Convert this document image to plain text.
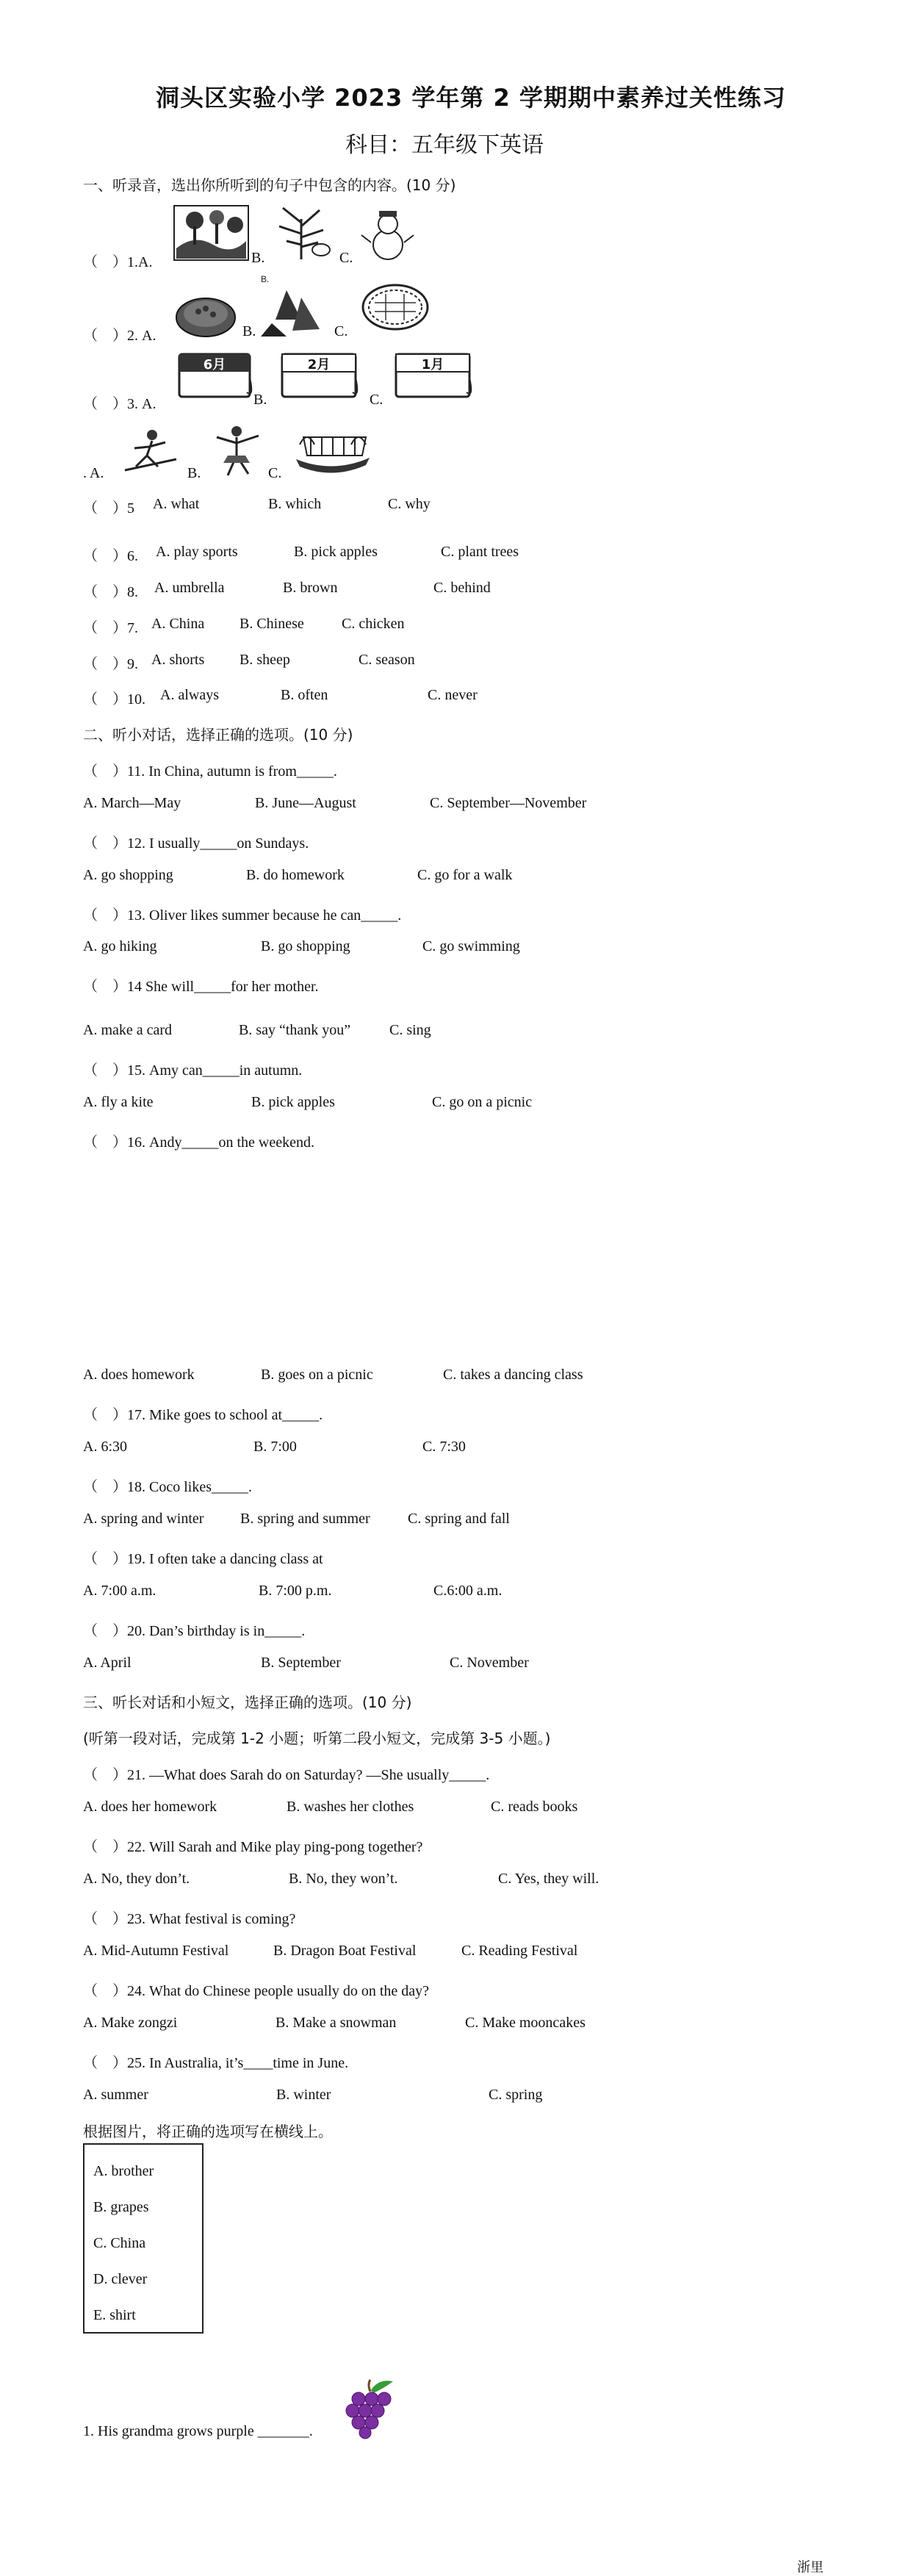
洞头区实验小学 2023 学年第 2 学期期中素养过关性练习
科目：五年级下英语
一、听录音，选出你所听到的句子中包含的内容。(10 分)
（　）1.A.	B.	C.
（　）2. A.	B.
B.
C.
（　）3. A.
6月
B.
2月
C.
1月
. A.	B.	C.
（　）5 A. what	B. which	C. why
（　）6. A. play sports	B. pick apples	C. plant trees
（　）8. A. umbrella	B. brown	C. behind
（　）7. A. China B. Chinese	C. chicken
（　）9. A. shorts B. sheep	C. season
（　）10. A. always	B. often	C. never
二、听小对话，选择正确的选项。(10 分)
（　）11. In China, autumn is from_____.
A. March—May	B. June—August	C. September—November
（　）12. I usually_____on Sundays.
A. go shopping	B. do homework	C. go for a walk
（　）13. Oliver likes summer because he can_____.
A. go hiking	B. go shopping	C. go swimming
（　）14 She will_____for her mother.
A. make a card	B. say “thank you”	C. sing
（　）15. Amy can_____in autumn.
A. fly a kite	B. pick apples	C. go on a picnic
（　）16. Andy_____on the weekend.
A. does homework	B. goes on a picnic	C. takes a dancing class
（　）17. Mike goes to school at_____.
A. 6:30	B. 7:00	C. 7:30
（　）18. Coco likes_____.
A. spring and winter B. spring and summer	C. spring and fall
（　）19. I often take a dancing class at
A. 7:00 a.m.	B. 7:00 p.m.	C.6:00 a.m.
（　）20. Dan’s birthday is in_____.
A. April	B. September	C. November
三、听长对话和小短文，选择正确的选项。(10 分)
(听第一段对话，完成第 1-2 小题；听第二段小短文，完成第 3-5 小题。)
（　）21. —What does Sarah do on Saturday? —She usually_____.
A. does her homework	B. washes her clothes	C. reads books
（　）22. Will Sarah and Mike play ping-pong together?
A. No, they don’t.	B. No, they won’t.	C. Yes, they will.
（　）23. What festival is coming?
A. Mid-Autumn Festival	B. Dragon Boat Festival	C. Reading Festival
（　）24. What do Chinese people usually do on the day?
A. Make zongzi	B. Make a snowman	C. Make mooncakes
（　）25. In Australia, it’s____time in June.
A. summer	B. winter	C. spring
根据图片，将正确的选项写在横线上。
A. brother
B. grapes
C. China
D. clever
E. shirt
1. His grandma grows purple _______.
浙里
